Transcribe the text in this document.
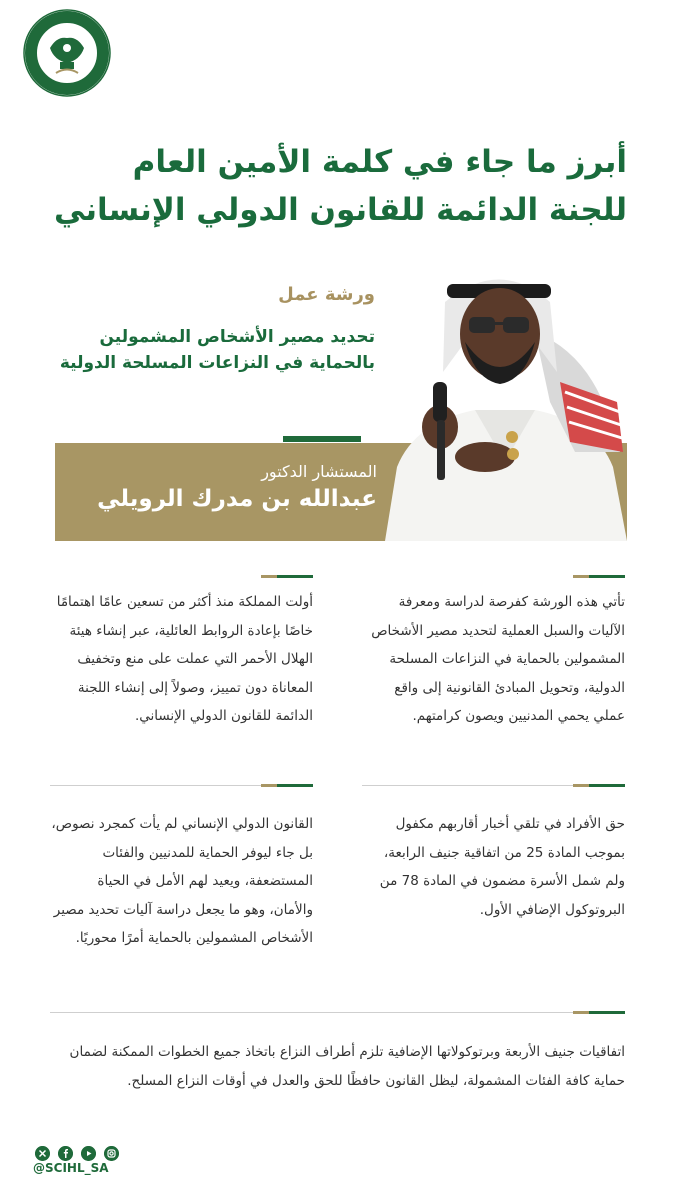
أبرز ما جاء في كلمة الأمين العام
للجنة الدائمة للقانون الدولي الإنساني
ورشة عمل
تحديد مصير الأشخاص المشمولين
بالحماية في النزاعات المسلحة الدولية
المستشار الدكتور
عبدالله بن مدرك الرويلي
تأتي هذه الورشة كفرصة لدراسة ومعرفة الآليات والسبل العملية لتحديد مصير الأشخاص المشمولين بالحماية في النزاعات المسلحة الدولية، وتحويل المبادئ القانونية إلى واقع عملي يحمي المدنيين ويصون كرامتهم.
أولت المملكة منذ أكثر من تسعين عامًا اهتمامًا خاصًا بإعادة الروابط العائلية، عبر إنشاء هيئة الهلال الأحمر التي عملت على منع وتخفيف المعاناة دون تمييز، وصولاً إلى إنشاء اللجنة الدائمة للقانون الدولي الإنساني.
حق الأفراد في تلقي أخبار أقاربهم مكفول بموجب المادة 25 من اتفاقية جنيف الرابعة، ولم شمل الأسرة مضمون في المادة 78 من البروتوكول الإضافي الأول.
القانون الدولي الإنساني لم يأت كمجرد نصوص، بل جاء ليوفر الحماية للمدنيين والفئات المستضعفة، ويعيد لهم الأمل في الحياة والأمان، وهو ما يجعل دراسة آليات تحديد مصير الأشخاص المشمولين بالحماية أمرًا محوريًا.
اتفاقيات جنيف الأربعة وبرتوكولاتها الإضافية تلزم أطراف النزاع باتخاذ جميع الخطوات الممكنة لضمان حماية كافة الفئات المشمولة، ليظل القانون حافظًا للحق والعدل في أوقات النزاع المسلح.

@SCIHL_SA
